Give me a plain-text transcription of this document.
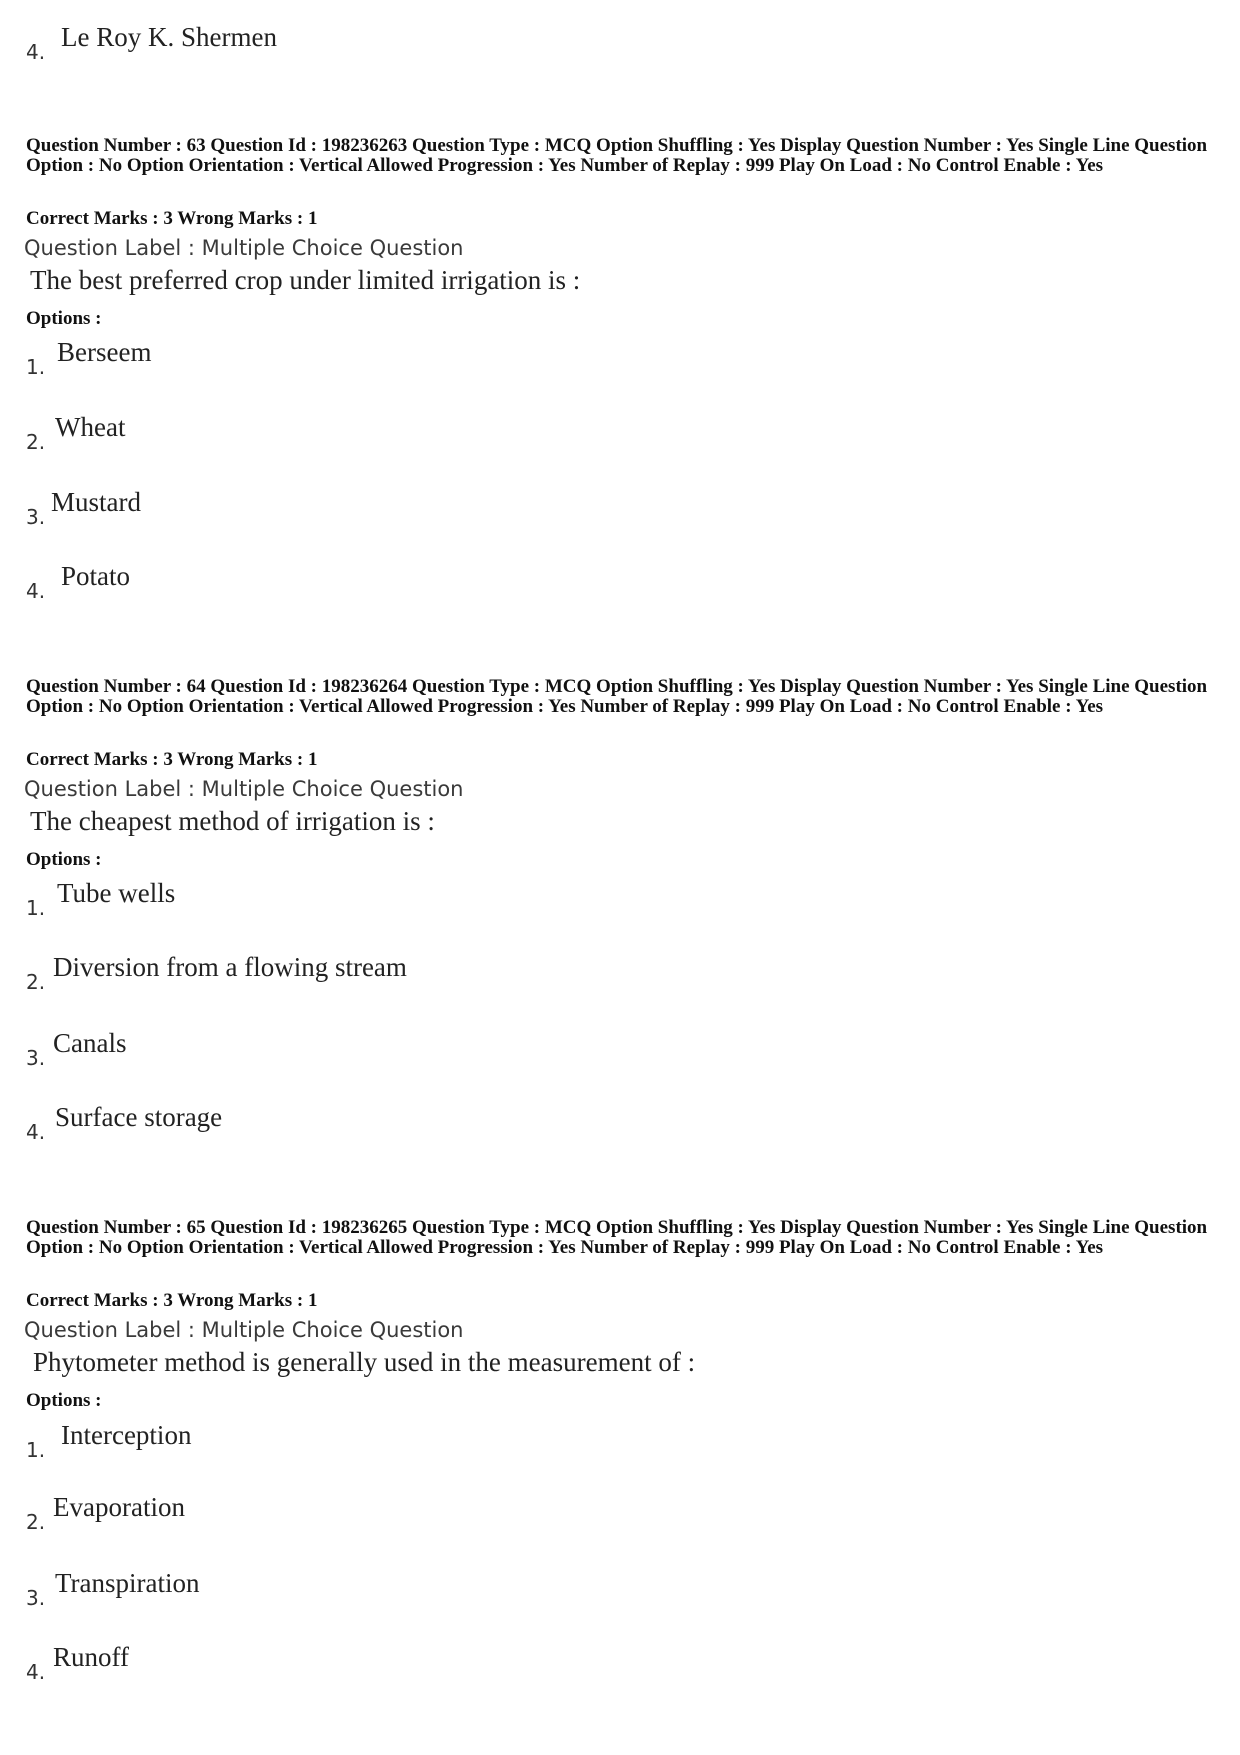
4. Le Roy K. Shermen
Question Number : 63 Question Id : 198236263 Question Type : MCQ Option Shuffling : Yes Display Question Number : Yes Single Line Question Option : No Option Orientation : Vertical Allowed Progression : Yes Number of Replay : 999 Play On Load : No Control Enable : Yes
Correct Marks : 3 Wrong Marks : 1
Question Label : Multiple Choice Question
The best preferred crop under limited irrigation is :
Options :
1. Berseem
2. Wheat
3. Mustard
4. Potato
Question Number : 64 Question Id : 198236264 Question Type : MCQ Option Shuffling : Yes Display Question Number : Yes Single Line Question Option : No Option Orientation : Vertical Allowed Progression : Yes Number of Replay : 999 Play On Load : No Control Enable : Yes
Correct Marks : 3 Wrong Marks : 1
Question Label : Multiple Choice Question
The cheapest method of irrigation is :
Options :
1. Tube wells
2. Diversion from a flowing stream
3. Canals
4. Surface storage
Question Number : 65 Question Id : 198236265 Question Type : MCQ Option Shuffling : Yes Display Question Number : Yes Single Line Question Option : No Option Orientation : Vertical Allowed Progression : Yes Number of Replay : 999 Play On Load : No Control Enable : Yes
Correct Marks : 3 Wrong Marks : 1
Question Label : Multiple Choice Question
Phytometer method is generally used in the measurement of :
Options :
1. Interception
2. Evaporation
3. Transpiration
4. Runoff
